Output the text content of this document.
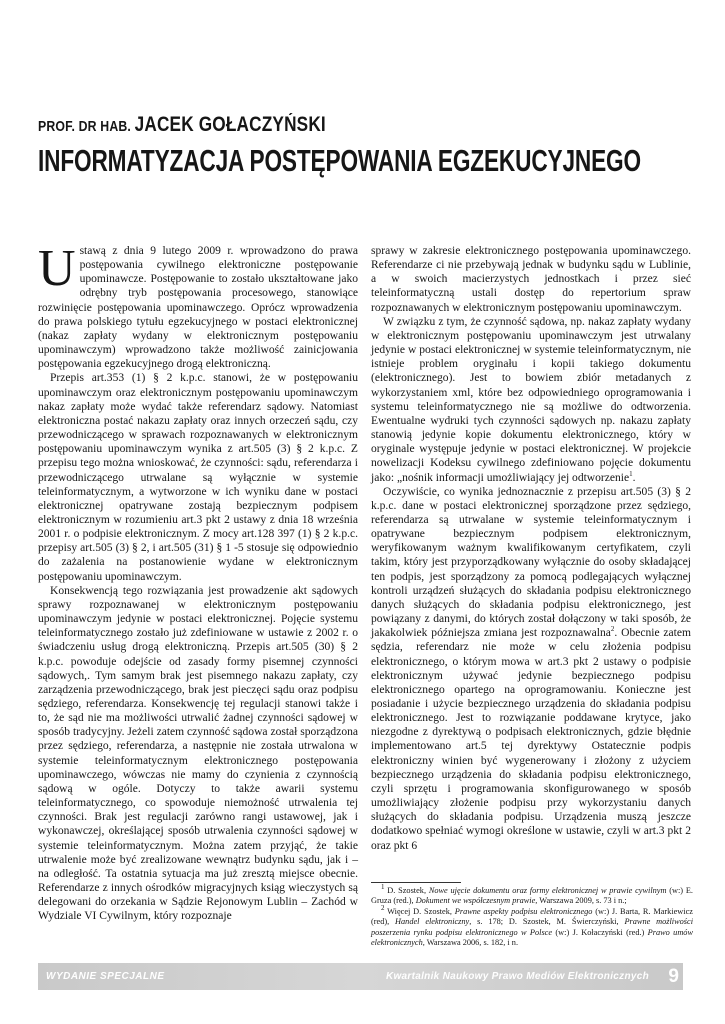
PROF. DR HAB. JACEK GOŁACZYŃSKI
INFORMATYZACJA POSTĘPOWANIA EGZEKUCYJNEGO

Ustawą z dnia 9 lutego 2009 r. wprowadzono do prawa postępowania cywilnego elektroniczne postępowanie upominawcze. Postępowanie to zostało ukształtowane jako odrębny tryb postępowania procesowego, stanowiące rozwinięcie postępowania upominawczego. Oprócz wprowadzenia do prawa polskiego tytułu egzekucyjnego w postaci elektronicznej (nakaz zapłaty wydany w elektronicznym postępowaniu upominawczym) wprowadzono także możliwość zainicjowania postępowania egzekucyjnego drogą elektroniczną.

Przepis art.353 (1) § 2 k.p.c. stanowi, że w postępowaniu upominawczym oraz elektronicznym postępowaniu upominawczym nakaz zapłaty może wydać także referendarz sądowy. Natomiast elektroniczna postać nakazu zapłaty oraz innych orzeczeń sądu, czy przewodniczącego w sprawach rozpoznawanych w elektronicznym postępowaniu upominawczym wynika z art.505 (3) § 2 k.p.c. Z przepisu tego można wnioskować, że czynności: sądu, referendarza i przewodniczącego utrwalane są wyłącznie w systemie teleinformatycznym, a wytworzone w ich wyniku dane w postaci elektronicznej opatrywane zostają bezpiecznym podpisem elektronicznym w rozumieniu art.3 pkt 2 ustawy z dnia 18 września 2001 r. o podpisie elektronicznym. Z mocy art.128 397 (1) § 2 k.p.c. przepisy art.505 (3) § 2, i art.505 (31) § 1 -5 stosuje się odpowiednio do zażalenia na postanowienie wydane w elektronicznym postępowaniu upominawczym.

Konsekwencją tego rozwiązania jest prowadzenie akt sądowych sprawy rozpoznawanej w elektronicznym postępowaniu upominawczym jedynie w postaci elektronicznej. Pojęcie systemu teleinformatycznego zostało już zdefiniowane w ustawie z 2002 r. o świadczeniu usług drogą elektroniczną. Przepis art.505 (30) § 2 k.p.c. powoduje odejście od zasady formy pisemnej czynności sądowych,. Tym samym brak jest pisemnego nakazu zapłaty, czy zarządzenia przewodniczącego, brak jest pieczęci sądu oraz podpisu sędziego, referendarza. Konsekwencję tej regulacji stanowi także i to, że sąd nie ma możliwości utrwalić żadnej czynności sądowej w sposób tradycyjny. Jeżeli zatem czynność sądowa został sporządzona przez sędziego, referendarza, a następnie nie została utrwalona w systemie teleinformatycznym elektronicznego postępowania upominawczego, wówczas nie mamy do czynienia z czynnością sądową w ogóle. Dotyczy to także awarii systemu teleinformatycznego, co spowoduje niemożność utrwalenia tej czynności. Brak jest regulacji zarówno rangi ustawowej, jak i wykonawczej, określającej sposób utrwalenia czynności sądowej w systemie teleinformatycznym. Można zatem przyjąć, że takie utrwalenie może być zrealizowane wewnątrz budynku sądu, jak i – na odległość. Ta ostatnia sytuacja ma już zresztą miejsce obecnie. Referendarze z innych ośrodków migracyjnych ksiąg wieczystych są delegowani do orzekania w Sądzie Rejonowym Lublin – Zachód w Wydziale VI Cywilnym, który rozpoznaje

sprawy w zakresie elektronicznego postępowania upominawczego. Referendarze ci nie przebywają jednak w budynku sądu w Lublinie, a w swoich macierzystych jednostkach i przez sieć teleinformatyczną ustali dostęp do repertorium spraw rozpoznawanych w elektronicznym postępowaniu upominawczym.

W związku z tym, że czynność sądowa, np. nakaz zapłaty wydany w elektronicznym postępowaniu upominawczym jest utrwalany jedynie w postaci elektronicznej w systemie teleinformatycznym, nie istnieje problem oryginału i kopii takiego dokumentu (elektronicznego). Jest to bowiem zbiór metadanych z wykorzystaniem xml, które bez odpowiedniego oprogramowania i systemu teleinformatycznego nie są możliwe do odtworzenia. Ewentualne wydruki tych czynności sądowych np. nakazu zapłaty stanowią jedynie kopie dokumentu elektronicznego, który w oryginale występuje jedynie w postaci elektronicznej. W projekcie nowelizacji Kodeksu cywilnego zdefiniowano pojęcie dokumentu jako: „nośnik informacji umożliwiający jej odtworzenie$^1$.

Oczywiście, co wynika jednoznacznie z przepisu art.505 (3) § 2 k.p.c. dane w postaci elektronicznej sporządzone przez sędziego, referendarza są utrwalane w systemie teleinformatycznym i opatrywane bezpiecznym podpisem elektronicznym, weryfikowanym ważnym kwalifikowanym certyfikatem, czyli takim, który jest przyporządkowany wyłącznie do osoby składającej ten podpis, jest sporządzony za pomocą podlegających wyłącznej kontroli urządzeń służących do składania podpisu elektronicznego danych służących do składania podpisu elektronicznego, jest powiązany z danymi, do których został dołączony w taki sposób, że jakakolwiek późniejsza zmiana jest rozpoznawalna$^2$. Obecnie zatem sędzia, referendarz nie może w celu złożenia podpisu elektronicznego, o którym mowa w art.3 pkt 2 ustawy o podpisie elektronicznym używać jedynie bezpiecznego podpisu elektronicznego opartego na oprogramowaniu. Konieczne jest posiadanie i użycie bezpiecznego urządzenia do składania podpisu elektronicznego. Jest to rozwiązanie poddawane krytyce, jako niezgodne z dyrektywą o podpisach elektronicznych, gdzie błędnie implementowano art.5 tej dyrektywy Ostatecznie podpis elektroniczny winien być wygenerowany i złożony z użyciem bezpiecznego urządzenia do składania podpisu elektronicznego, czyli sprzętu i programowania skonfigurowanego w sposób umożliwiający złożenie podpisu przy wykorzystaniu danych służących do składania podpisu. Urządzenia muszą jeszcze dodatkowo spełniać wymogi określone w ustawie, czyli w art.3 pkt 2 oraz pkt 6

$^1$ D. Szostek, Nowe ujęcie dokumentu oraz formy elektronicznej w prawie cywilnym (w:) E. Gruza (red.), Dokument we współczesnym prawie, Warszawa 2009, s. 73 i n.;

$^2$ Więcej D. Szostek, Prawne aspekty podpisu elektronicznego (w:) J. Barta, R. Markiewicz (red), Handel elektroniczny, s. 178; D. Szostek, M. Świerczyński, Prawne możliwości poszerzenia rynku podpisu elektronicznego w Polsce (w:) J. Kołaczyński (red.) Prawo umów elektronicznych, Warszawa 2006, s. 182, i n.

WYDANIE SPECJALNE	Kwartalnik Naukowy Prawo Mediów Elektronicznych 9
